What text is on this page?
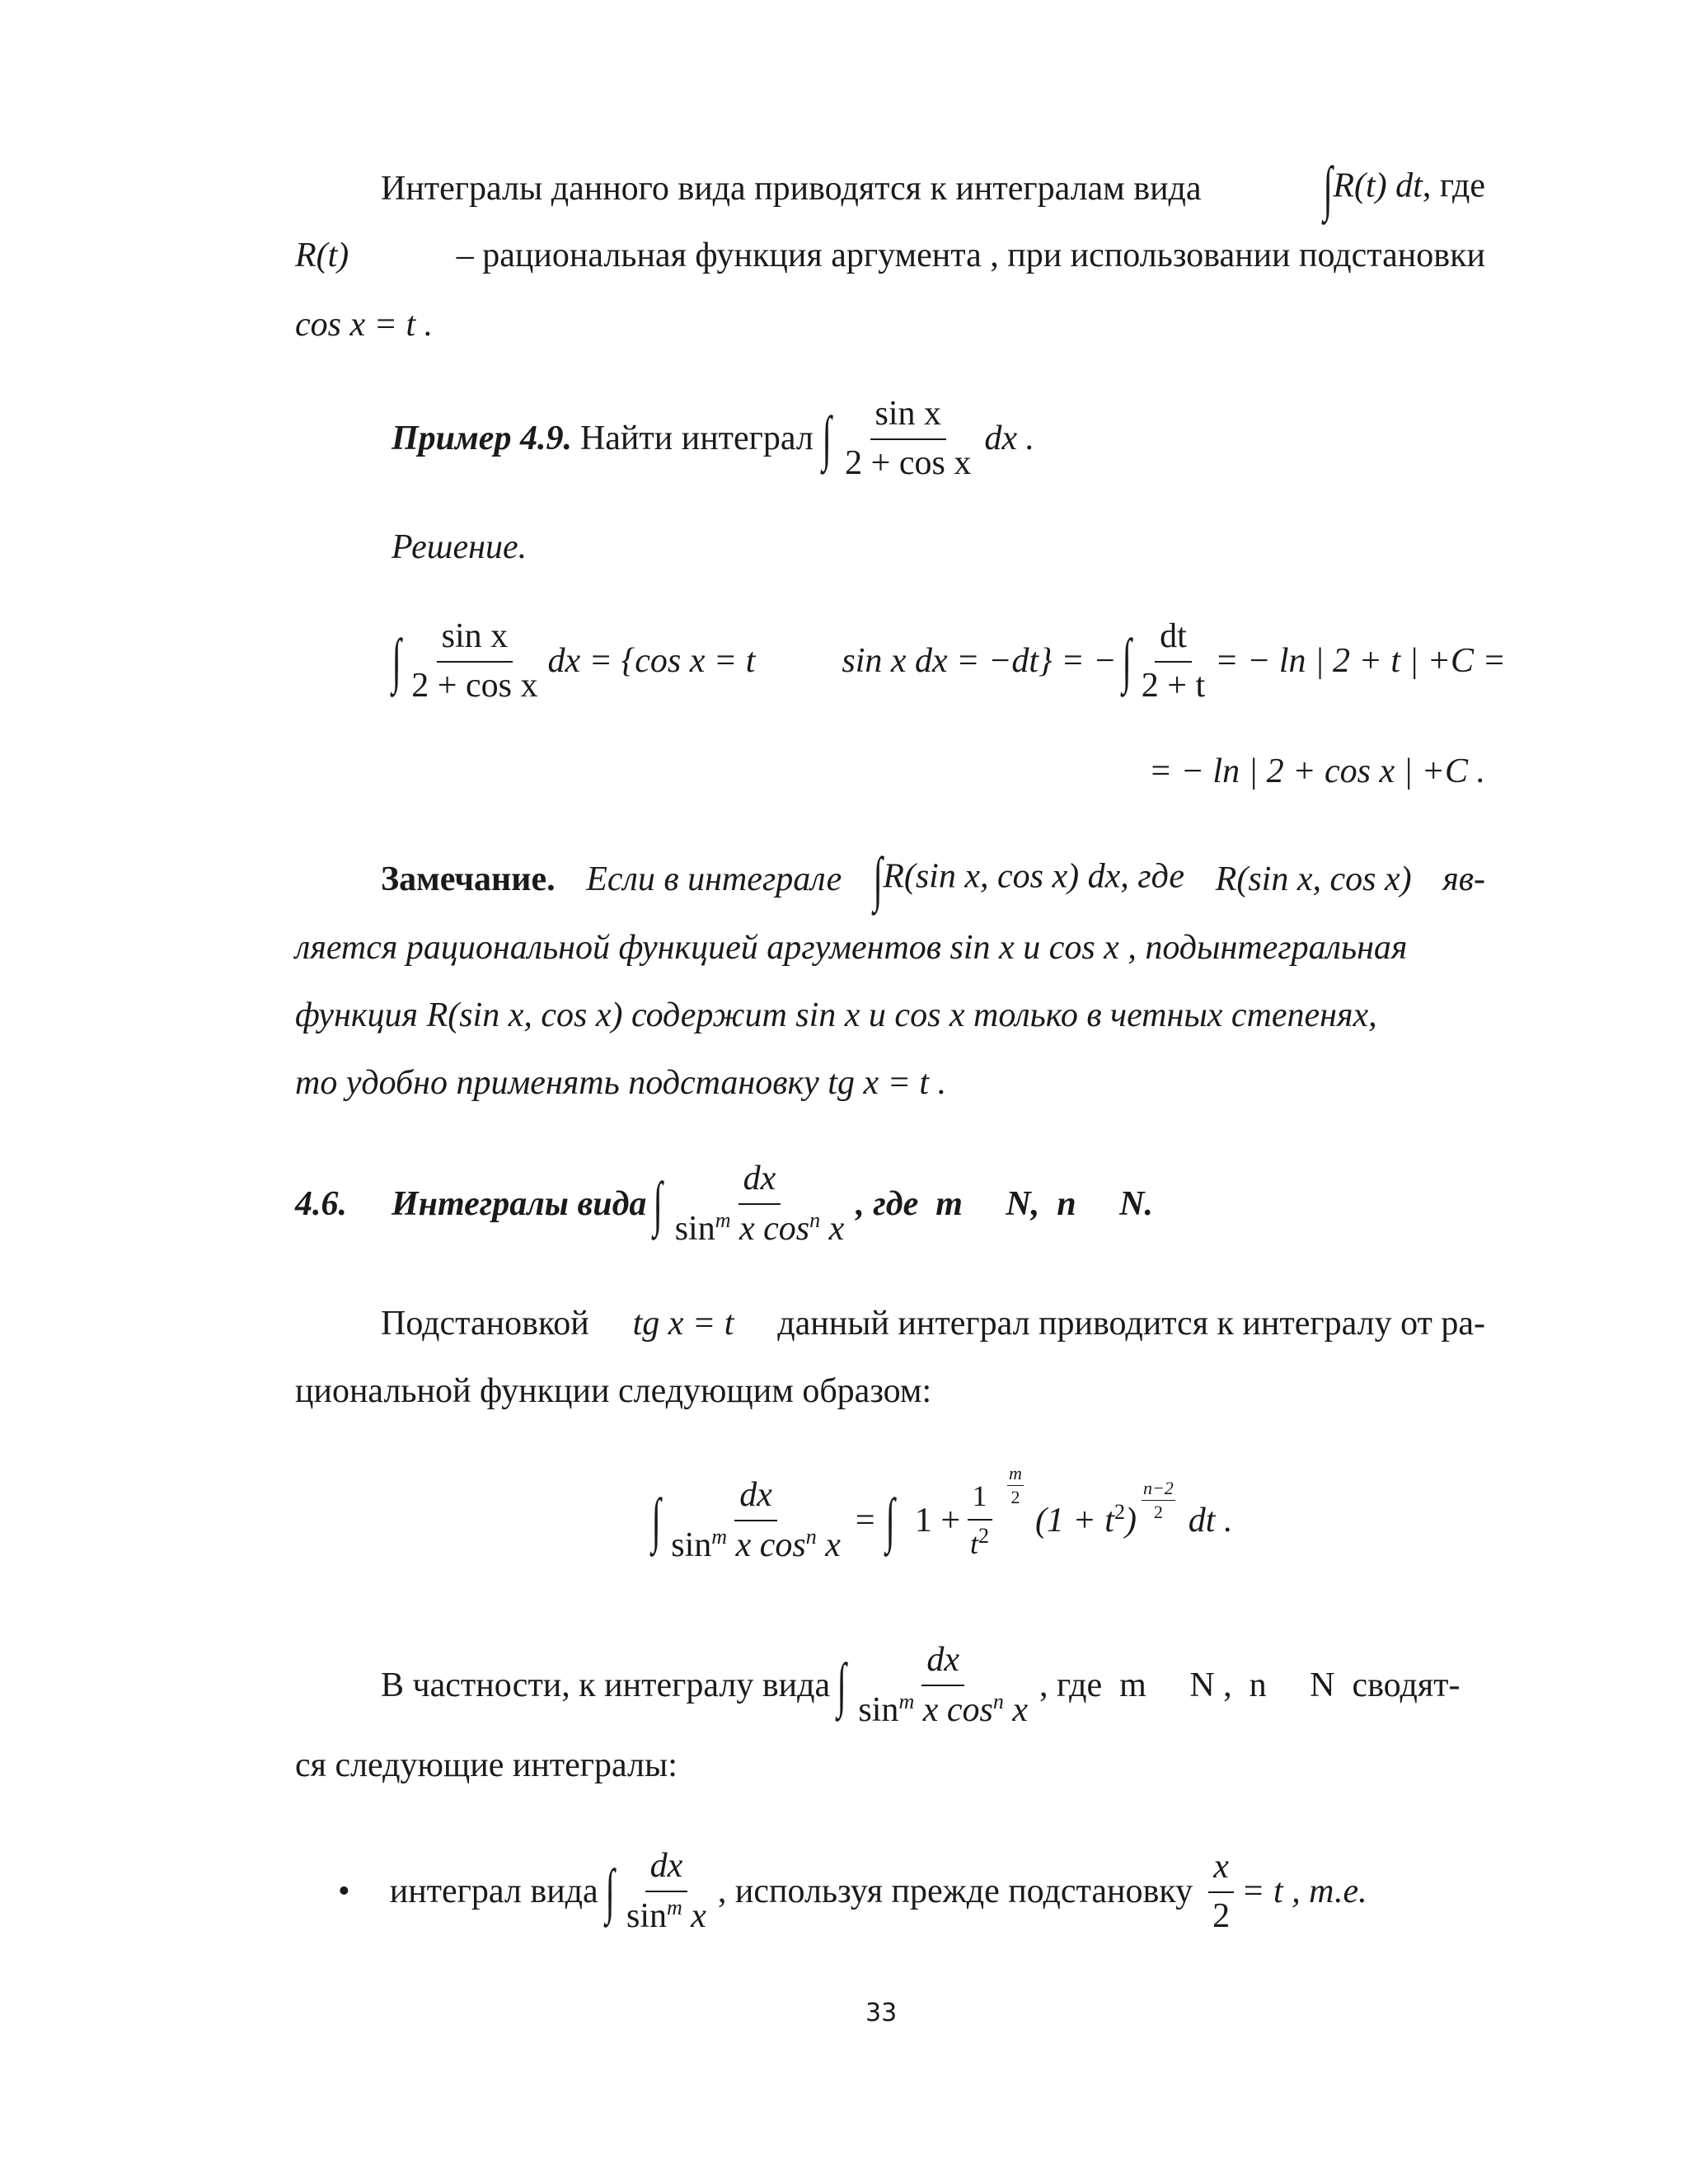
Интегралы данного вида приводятся к интегралам вида ∫R(t) dt, где
R(t)	– рациональная функция аргумента , при использовании подстановки
cos x = t .
Пример 4.9. Найти интеграл ∫ $\frac{\text{sin x}}{\text{2 + cos x}}$ dx .
Решение.
∫ $\frac{\text{sin x}}{\text{2 + cos x}}$ dx = {cos x = t          sin x dx = −dt} = − ∫ $\frac{dt}{2 + t}$ = − ln | 2 + t | +C =
= − ln | 2 + cos x | +C .
Замечание. Если в интеграле ∫R(sin x, cos x) dx, где R(sin x, cos x) яв-
ляется рациональной функцией аргументов sin x и cos x , подынтегральная
функция R(sin x, cos x) содержит sin x и cos x только в четных степенях,
то удобно применять подстановку tg x = t .
4.6. Интегралы вида ∫ $\frac{dx}{\sin^m x \cos^n x}$ , где  m     N,  n     N.
Подстановкой tg x = t данный интеграл приводится к интегралу от ра-
циональной функции следующим образом:
∫ $\frac{dx}{\sin^m x \cos^n x}$ = ∫ $1 + \frac{1}{t^2}$
m
2
$(1 + t^2)$
n−2
2 dt .
В частности, к интегралу вида ∫ $\frac{dx}{\sin^m x \cos^n x}$ , где  m     N ,  n     N  сводят-
ся следующие интегралы:
• интеграл вида ∫ $\frac{dx}{\sin^m x}$ , используя прежде подстановку $\frac{x}{2} = t$ , т.е.
33
